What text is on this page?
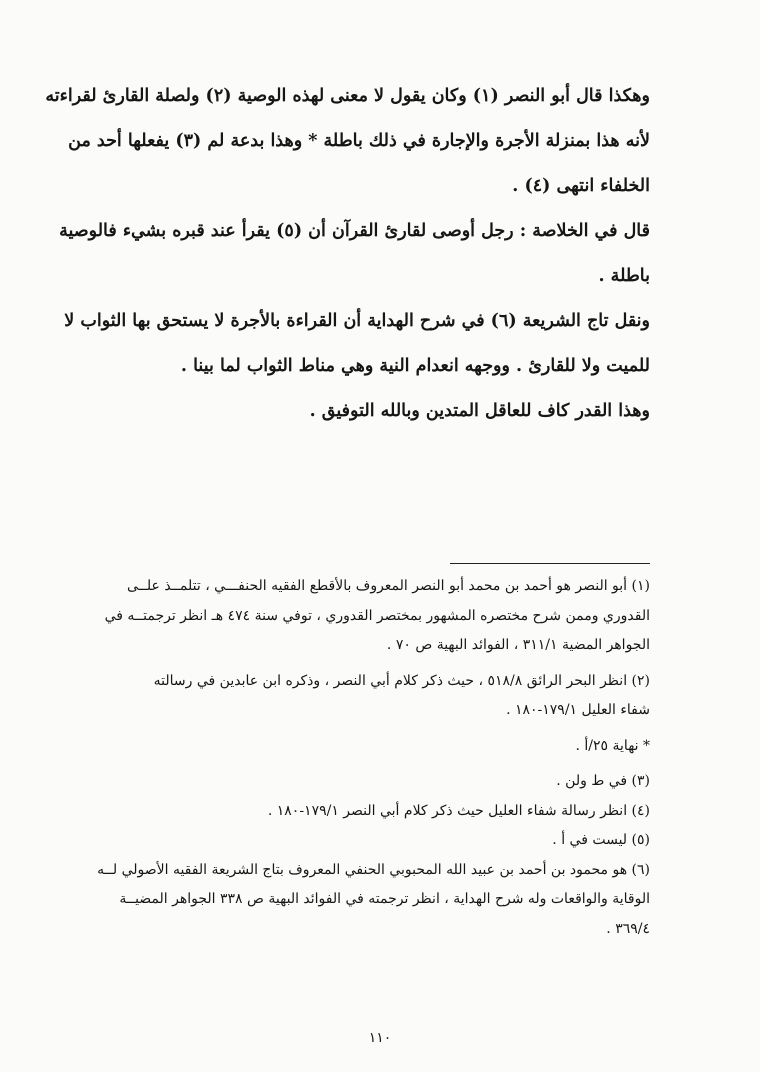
وهكذا قال أبو النصر (١) وكان يقول لا معنى لهذه الوصية (٢) ولصلة القارئ لقراءته

لأنه هذا بمنزلة الأجرة والإجارة في ذلك باطلة * وهذا بدعة لم (٣) يفعلها أحد من

الخلفاء انتهى (٤) .

قال في الخلاصة : رجل أوصى لقارئ القرآن أن (٥) يقرأ عند قبره بشيء فالوصية

باطلة .

ونقل تاج الشريعة (٦) في شرح الهداية أن القراءة بالأجرة لا يستحق بها الثواب لا

للميت ولا للقارئ . ووجهه انعدام النية وهي مناط الثواب لما بينا .

وهذا القدر كاف للعاقل المتدين وبالله التوفيق .

(١) أبو النصر هو أحمد بن محمد أبو النصر المعروف بالأقطع الفقيه الحنفـــي ، تتلمــذ علــى

القدوري وممن شرح مختصره المشهور بمختصر القدوري ، توفي سنة ٤٧٤ هـ انظر ترجمتــه في

الجواهر المضية ٣١١/١ ، الفوائد البهية ص ٧٠ .

(٢) انظر البحر الرائق ٥١٨/٨ ، حيث ذكر كلام أبي النصر ، وذكره ابن عابدين في رسالته

شفاء العليل ١٧٩/١-١٨٠ .

* نهاية ٢٥/أ .

(٣) في ط ولن .

(٤) انظر رسالة شفاء العليل حيث ذكر كلام أبي النصر ١٧٩/١-١٨٠ .

(٥) ليست في أ .

(٦) هو محمود بن أحمد بن عبيد الله المحبوبي الحنفي المعروف بتاج الشريعة الفقيه الأصولي لــه

الوقاية والواقعات وله شرح الهداية ، انظر ترجمته في الفوائد البهية ص ٣٣٨ الجواهر المضيــة

٣٦٩/٤ .

١١٠
